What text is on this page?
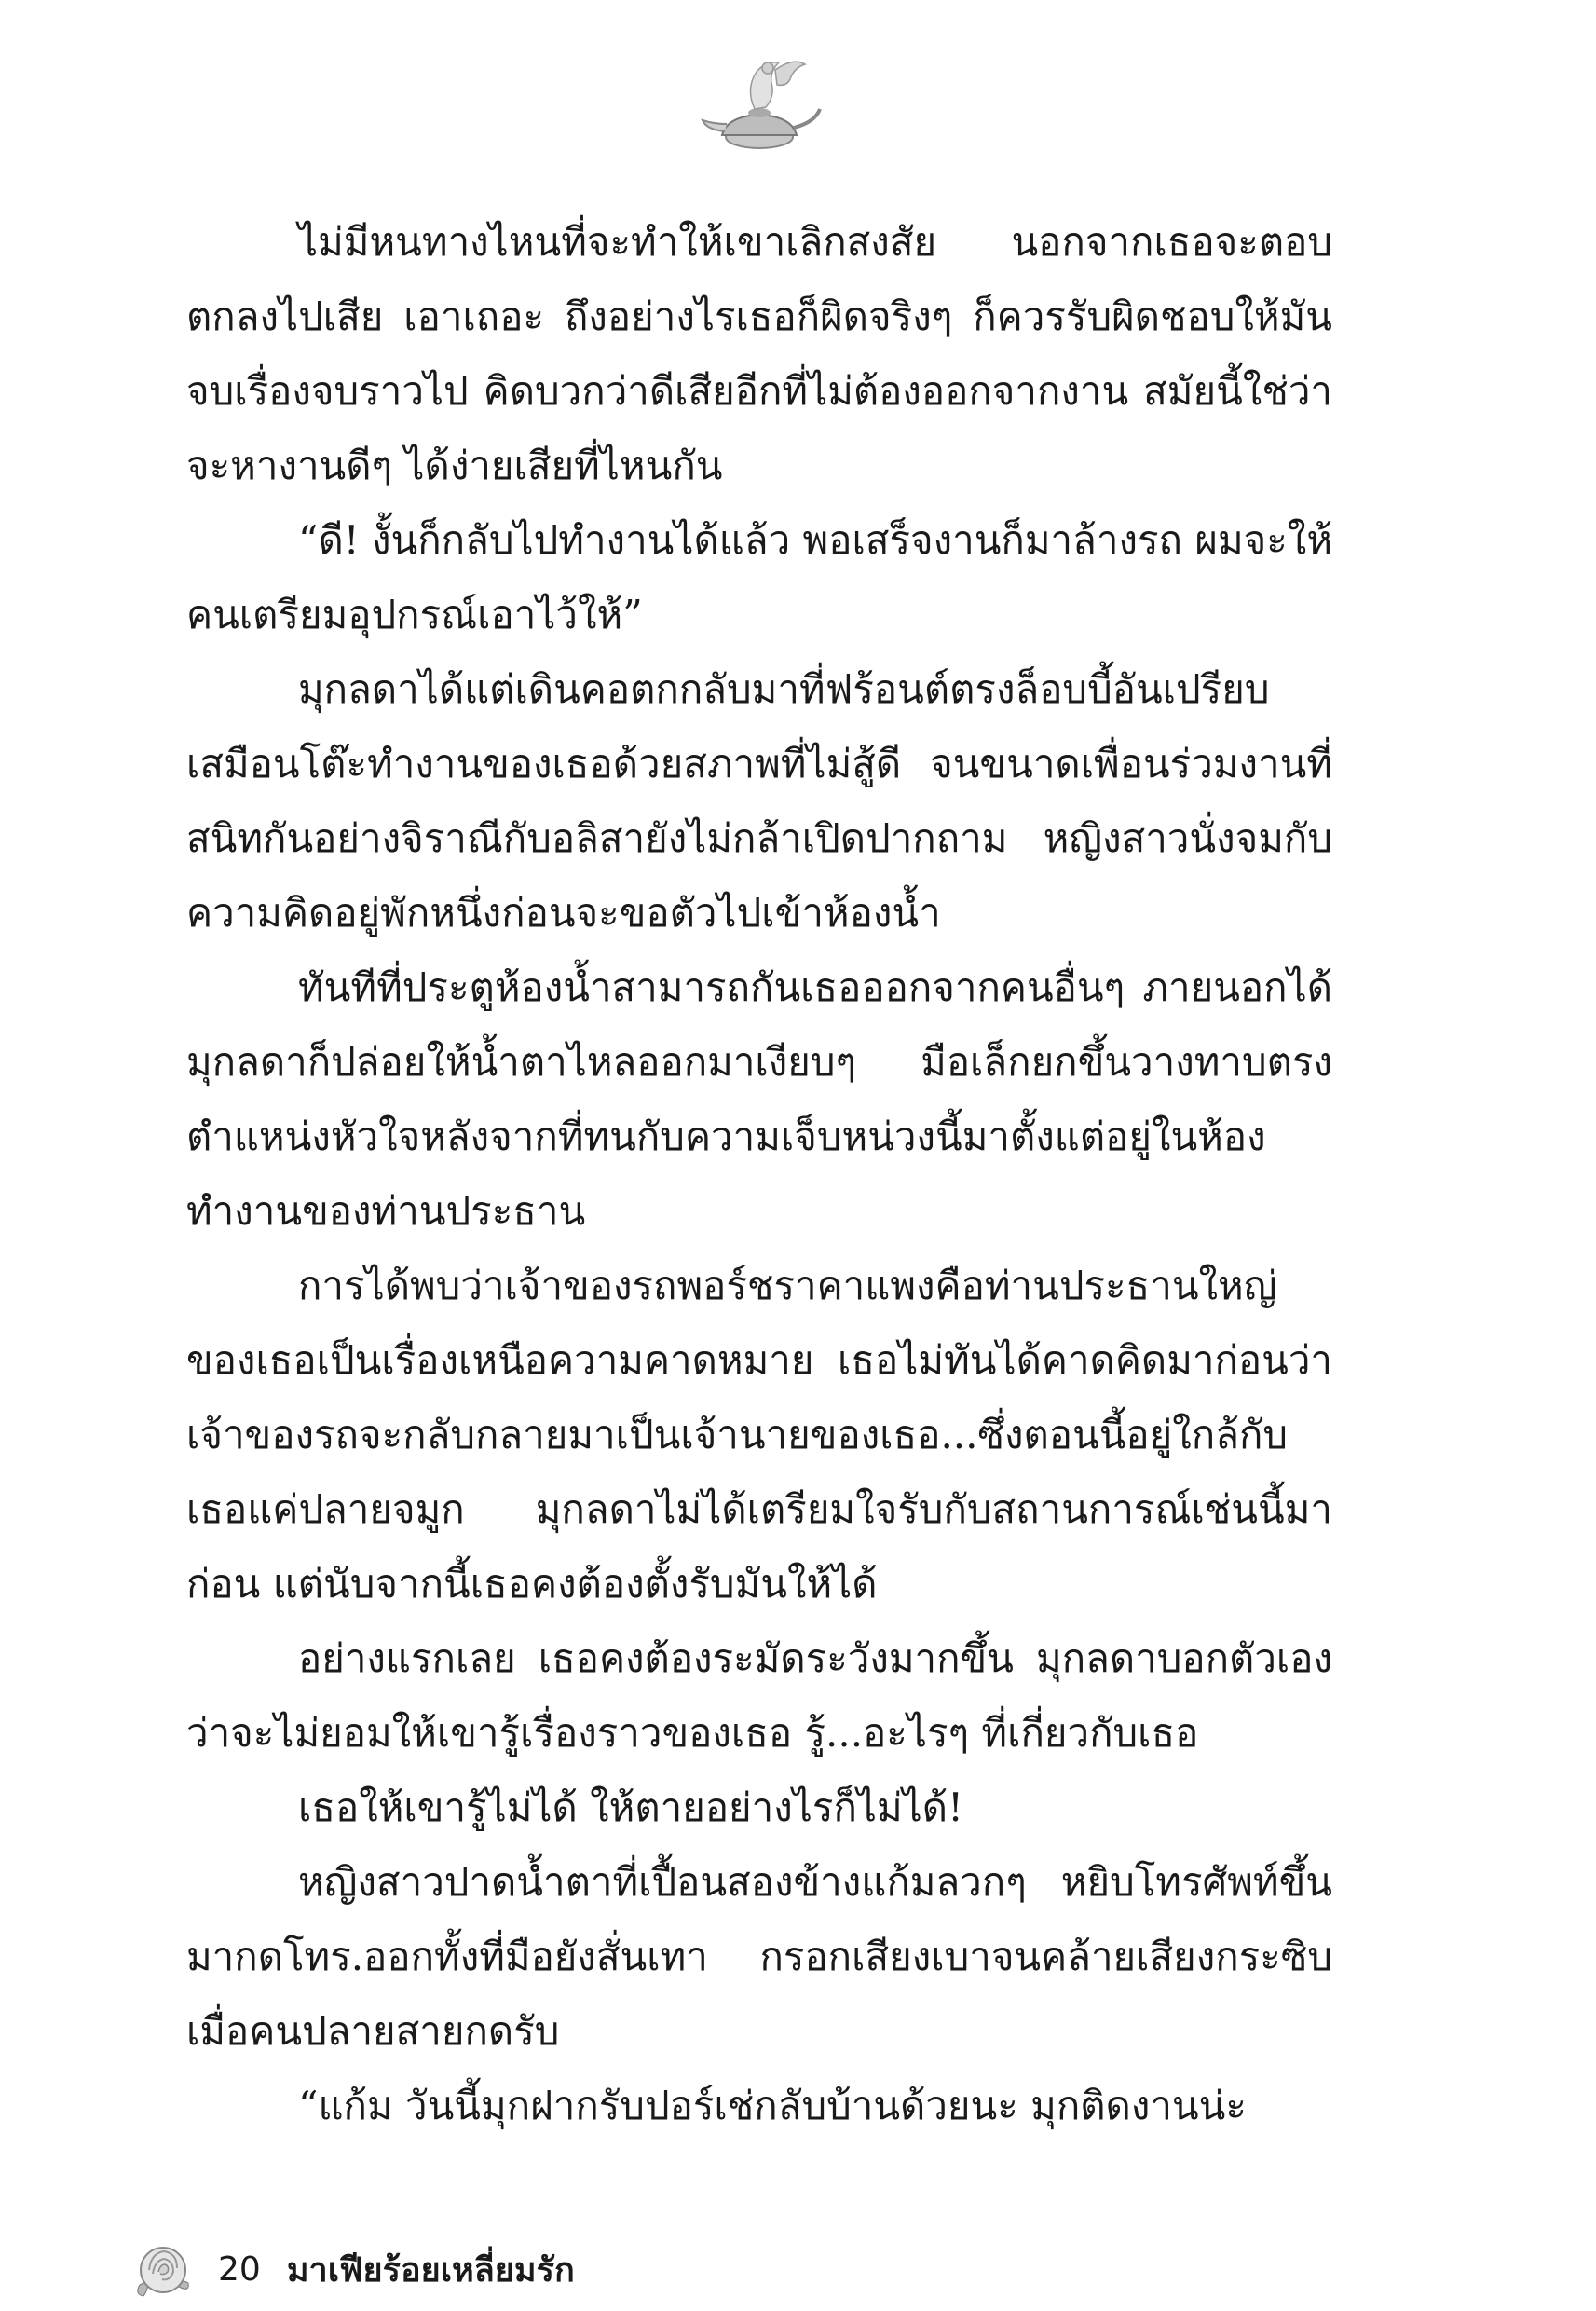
ไม่มีหนทางไหนที่จะทำให้เขาเลิกสงสัย นอกจากเธอจะตอบตกลงไปเสีย เอาเถอะ ถึงอย่างไรเธอก็ผิดจริงๆ ก็ควรรับผิดชอบให้มันจบเรื่องจบราวไป คิดบวกว่าดีเสียอีกที่ไม่ต้องออกจากงาน สมัยนี้ใช่ว่าจะหางานดีๆ ได้ง่ายเสียที่ไหนกัน

“ดี! งั้นก็กลับไปทำงานได้แล้ว พอเสร็จงานก็มาล้างรถ ผมจะให้คนเตรียมอุปกรณ์เอาไว้ให้”

มุกลดาได้แต่เดินคอตกกลับมาที่ฟร้อนต์ตรงล็อบบี้อันเปรียบเสมือนโต๊ะทำงานของเธอด้วยสภาพที่ไม่สู้ดี จนขนาดเพื่อนร่วมงานที่สนิทกันอย่างจิราณีกับอลิสายังไม่กล้าเปิดปากถาม หญิงสาวนั่งจมกับความคิดอยู่พักหนึ่งก่อนจะขอตัวไปเข้าห้องน้ำ

ทันทีที่ประตูห้องน้ำสามารถกันเธอออกจากคนอื่นๆ ภายนอกได้ มุกลดาก็ปล่อยให้น้ำตาไหลออกมาเงียบๆ มือเล็กยกขึ้นวางทาบตรงตำแหน่งหัวใจหลังจากที่ทนกับความเจ็บหน่วงนี้มาตั้งแต่อยู่ในห้องทำงานของท่านประธาน

การได้พบว่าเจ้าของรถพอร์ชราคาแพงคือท่านประธานใหญ่ของเธอเป็นเรื่องเหนือความคาดหมาย เธอไม่ทันได้คาดคิดมาก่อนว่าเจ้าของรถจะกลับกลายมาเป็นเจ้านายของเธอ...ซึ่งตอนนี้อยู่ใกล้กับเธอแค่ปลายจมูก มุกลดาไม่ได้เตรียมใจรับกับสถานการณ์เช่นนี้มาก่อน แต่นับจากนี้เธอคงต้องตั้งรับมันให้ได้

อย่างแรกเลย เธอคงต้องระมัดระวังมากขึ้น มุกลดาบอกตัวเองว่าจะไม่ยอมให้เขารู้เรื่องราวของเธอ รู้...อะไรๆ ที่เกี่ยวกับเธอ

เธอให้เขารู้ไม่ได้ ให้ตายอย่างไรก็ไม่ได้!

หญิงสาวปาดน้ำตาที่เปื้อนสองข้างแก้มลวกๆ หยิบโทรศัพท์ขึ้นมากดโทร.ออกทั้งที่มือยังสั่นเทา กรอกเสียงเบาจนคล้ายเสียงกระซิบเมื่อคนปลายสายกดรับ

“แก้ม วันนี้มุกฝากรับปอร์เช่กลับบ้านด้วยนะ มุกติดงานน่ะ

20 มาเฟียร้อยเหลี่ยมรัก
